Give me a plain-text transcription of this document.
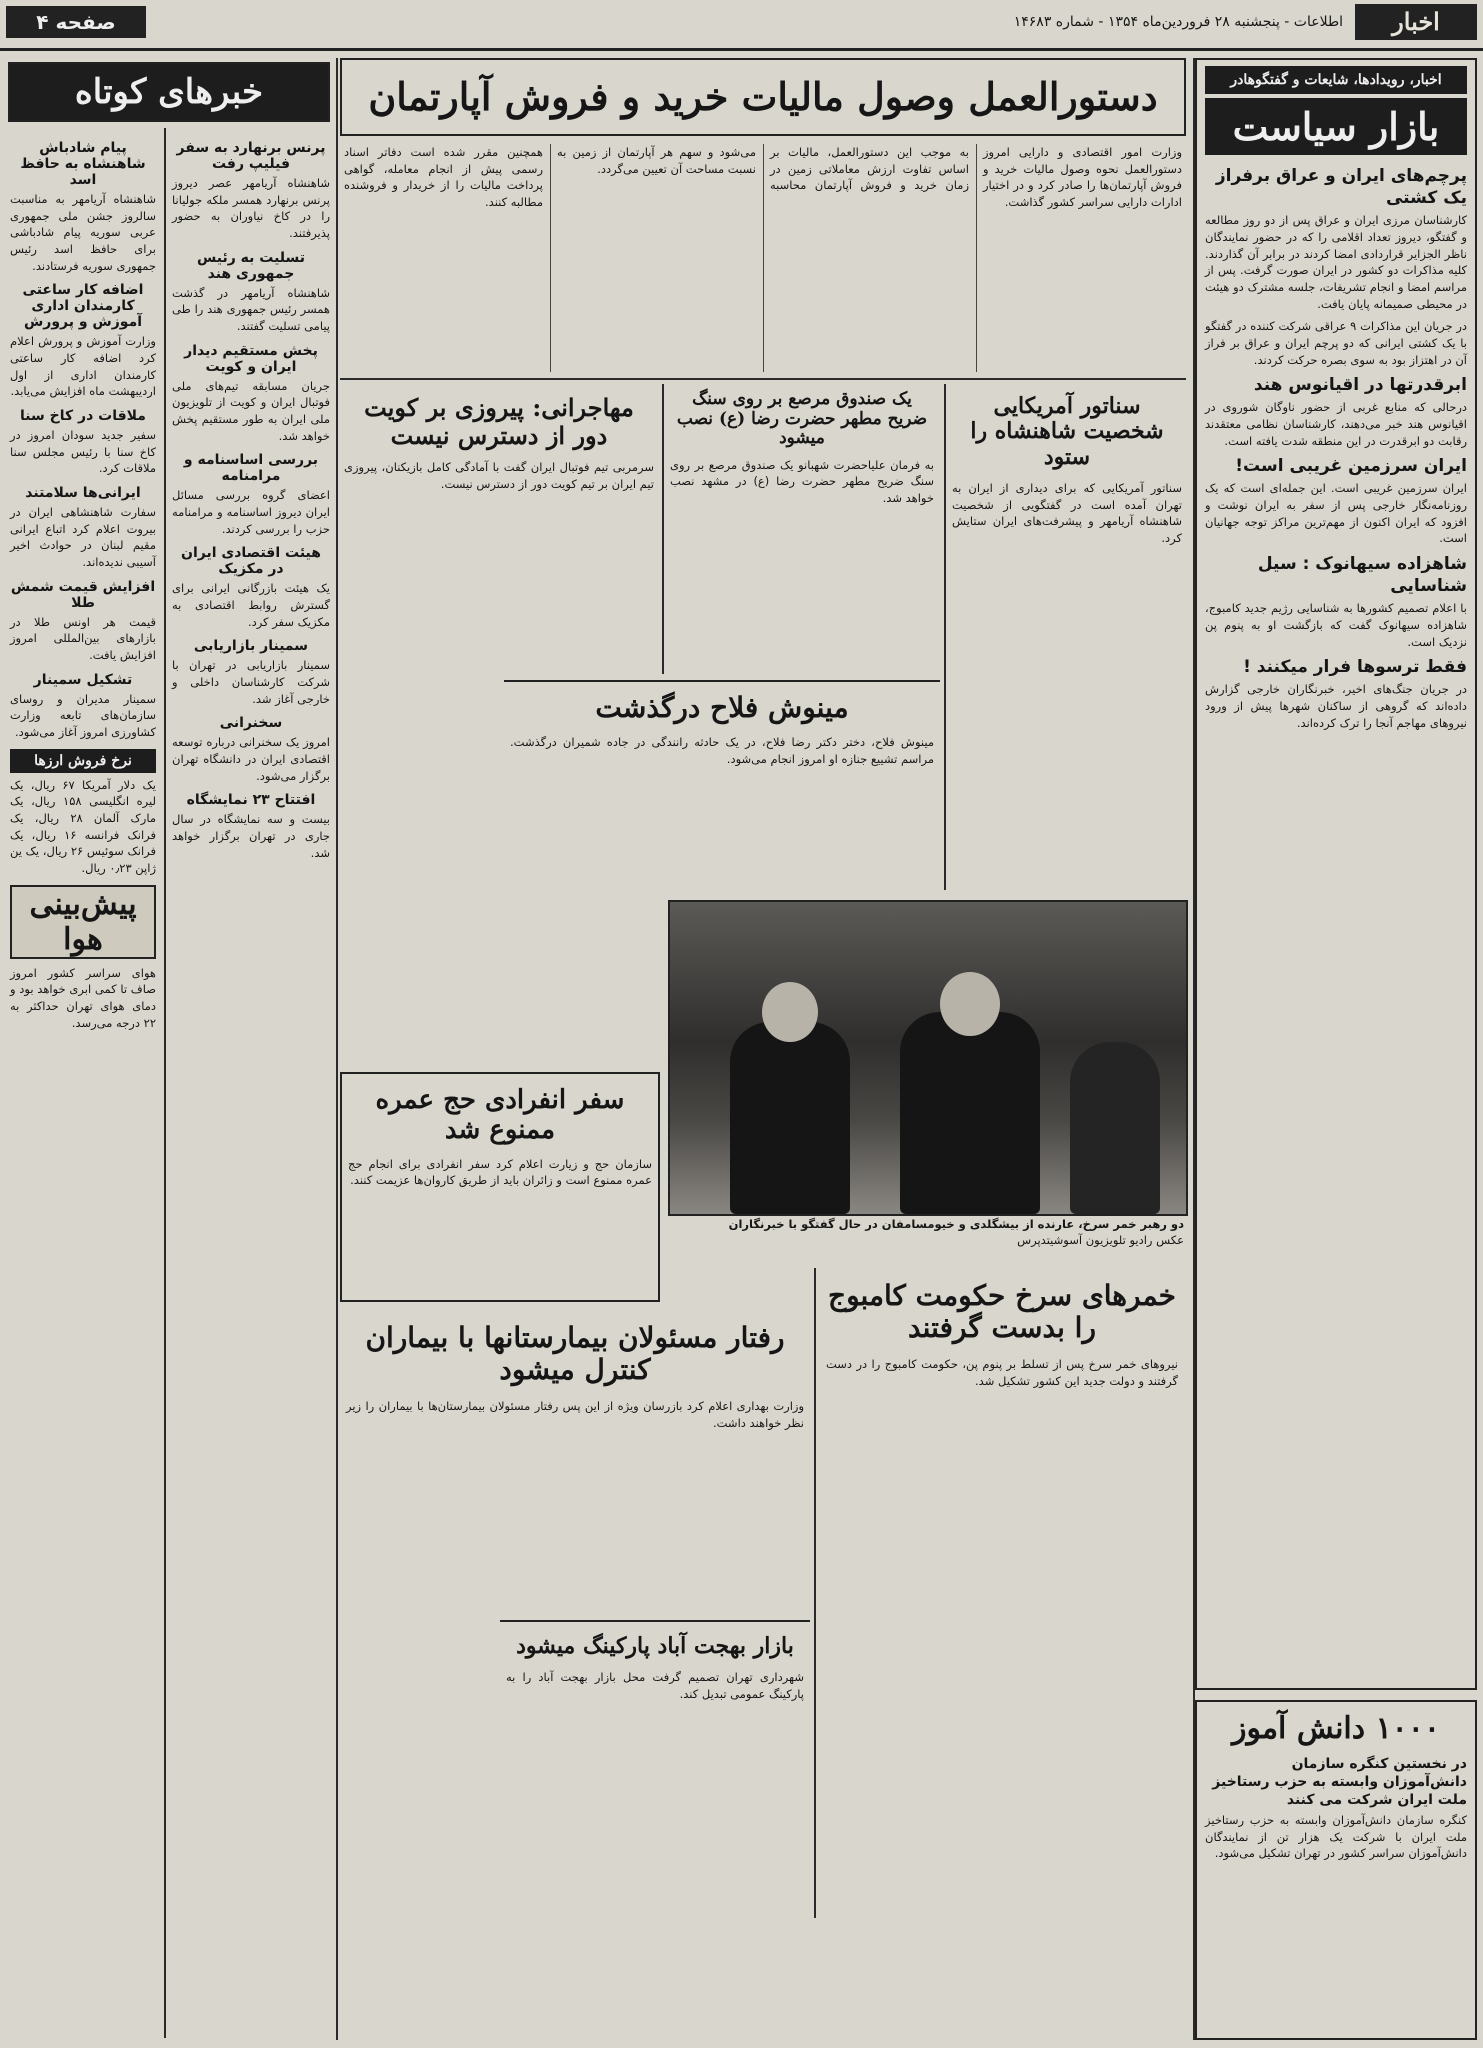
اخبار
اطلاعات - پنجشنبه ۲۸ فروردین‌ماه ۱۳۵۴ - شماره ۱۴۶۸۳
صفحه ۴
اخبار، رویدادها، شایعات و گفتگوهادر
بازار سیاست
پرچم‌های ایران و عراق برفراز یک کشتی

کارشناسان مرزی ایران و عراق پس از دو روز مطالعه و گفتگو، دیروز تعداد اقلامی را که در حضور نمایندگان ناظر الجزایر قراردادی امضا کردند در برابر آن گذاردند. کلیه مذاکرات دو کشور در ایران صورت گرفت. پس از مراسم امضا و انجام تشریفات، جلسه مشترک دو هیئت در محیطی صمیمانه پایان یافت.

در جریان این مذاکرات ۹ عراقی شرکت کننده در گفتگو با یک کشتی ایرانی که دو پرچم ایران و عراق بر فراز آن در اهتزاز بود به سوی بصره حرکت کردند.

ابرقدرتها در اقیانوس هند

درحالی که منابع غربی از حضور ناوگان شوروی در اقیانوس هند خبر می‌دهند، کارشناسان نظامی معتقدند رقابت دو ابرقدرت در این منطقه شدت یافته است.

ایران سرزمین غریبی است!

ایران سرزمین غریبی است. این جمله‌ای است که یک روزنامه‌نگار خارجی پس از سفر به ایران نوشت و افزود که ایران اکنون از مهم‌ترین مراکز توجه جهانیان است.

شاهزاده سیهانوک : سیل شناسایی

با اعلام تصمیم کشورها به شناسایی رژیم جدید کامبوج، شاهزاده سیهانوک گفت که بازگشت او به پنوم پن نزدیک است.

فقط ترسوها فرار میکنند !

در جریان جنگ‌های اخیر، خبرنگاران خارجی گزارش داده‌اند که گروهی از ساکنان شهرها پیش از ورود نیروهای مهاجم آنجا را ترک کرده‌اند.

۱۰۰۰ دانش آموز
در نخستین کنگره سازمان دانش‌آموزان وابسته به حزب رستاخیز ملت ایران شرکت می کنند

کنگره سازمان دانش‌آموزان وابسته به حزب رستاخیز ملت ایران با شرکت یک هزار تن از نمایندگان دانش‌آموزان سراسر کشور در تهران تشکیل می‌شود.

دستورالعمل وصول مالیات خرید و فروش آپارتمان

وزارت امور اقتصادی و دارایی امروز دستورالعمل نحوه وصول مالیات خرید و فروش آپارتمان‌ها را صادر کرد و در اختیار ادارات دارایی سراسر کشور گذاشت.

به موجب این دستورالعمل، مالیات بر اساس تفاوت ارزش معاملاتی زمین در زمان خرید و فروش آپارتمان محاسبه می‌شود و سهم هر آپارتمان از زمین به نسبت مساحت آن تعیین می‌گردد.

همچنین مقرر شده است دفاتر اسناد رسمی پیش از انجام معامله، گواهی پرداخت مالیات را از خریدار و فروشنده مطالبه کنند.

سناتور آمریکایی شخصیت شاهنشاه را ستود

سناتور آمریکایی که برای دیداری از ایران به تهران آمده است در گفتگویی از شخصیت شاهنشاه آریامهر و پیشرفت‌های ایران ستایش کرد.

یک صندوق مرصع بر روی سنگ ضریح مطهر حضرت رضا (ع) نصب میشود

به فرمان علیاحضرت شهبانو یک صندوق مرصع بر روی سنگ ضریح مطهر حضرت رضا (ع) در مشهد نصب خواهد شد.

مهاجرانی: پیروزی بر کویت دور از دسترس نیست

سرمربی تیم فوتبال ایران گفت با آمادگی کامل بازیکنان، پیروزی تیم ایران بر تیم کویت دور از دسترس نیست.

مینوش فلاح درگذشت

مینوش فلاح، دختر دکتر رضا فلاح، در یک حادثه رانندگی در جاده شمیران درگذشت. مراسم تشییع جنازه او امروز انجام می‌شود.

دو رهبر خمر سرخ، عارنده از بیشگلدی و خیومسامفان در حال گفتگو با خبرنگاران
عکس رادیو تلویزیون آسوشیتدپرس
سفر انفرادی حج عمره ممنوع شد

سازمان حج و زیارت اعلام کرد سفر انفرادی برای انجام حج عمره ممنوع است و زائران باید از طریق کاروان‌ها عزیمت کنند.

خمرهای سرخ حکومت کامبوج را بدست گرفتند

نیروهای خمر سرخ پس از تسلط بر پنوم پن، حکومت کامبوج را در دست گرفتند و دولت جدید این کشور تشکیل شد.

رفتار مسئولان بیمارستانها با بیماران کنترل میشود

وزارت بهداری اعلام کرد بازرسان ویژه از این پس رفتار مسئولان بیمارستان‌ها با بیماران را زیر نظر خواهند داشت.

بازار بهجت آباد پارکینگ میشود

شهرداری تهران تصمیم گرفت محل بازار بهجت آباد را به پارکینگ عمومی تبدیل کند.

پرنس برنهارد به سفر فیلیپ رفت

شاهنشاه آریامهر عصر دیروز پرنس برنهارد همسر ملکه جولیانا را در کاخ نیاوران به حضور پذیرفتند.

تسلیت به رئیس جمهوری هند

شاهنشاه آریامهر در گذشت همسر رئیس جمهوری هند را طی پیامی تسلیت گفتند.

پخش مستقیم دیدار ایران و کویت

جریان مسابقه تیم‌های ملی فوتبال ایران و کویت از تلویزیون ملی ایران به طور مستقیم پخش خواهد شد.

بررسی اساسنامه و مرامنامه

اعضای گروه بررسی مسائل ایران دیروز اساسنامه و مرامنامه حزب را بررسی کردند.

هیئت اقتصادی ایران در مکزیک

یک هیئت بازرگانی ایرانی برای گسترش روابط اقتصادی به مکزیک سفر کرد.

سمینار بازاریابی

سمینار بازاریابی در تهران با شرکت کارشناسان داخلی و خارجی آغاز شد.

سخنرانی

امروز یک سخنرانی درباره توسعه اقتصادی ایران در دانشگاه تهران برگزار می‌شود.

افتتاح ۲۳ نمایشگاه

بیست و سه نمایشگاه در سال جاری در تهران برگزار خواهد شد.

خبرهای کوتاه
پیام شادباش شاهنشاه به حافظ اسد

شاهنشاه آریامهر به مناسبت سالروز جشن ملی جمهوری عربی سوریه پیام شادباشی برای حافظ اسد رئیس جمهوری سوریه فرستادند.

اضافه کار ساعتی کارمندان اداری آموزش و پرورش

وزارت آموزش و پرورش اعلام کرد اضافه کار ساعتی کارمندان اداری از اول اردیبهشت ماه افزایش می‌یابد.

ملاقات در کاخ سنا

سفیر جدید سودان امروز در کاخ سنا با رئیس مجلس سنا ملاقات کرد.

ایرانی‌ها سلامتند

سفارت شاهنشاهی ایران در بیروت اعلام کرد اتباع ایرانی مقیم لبنان در حوادث اخیر آسیبی ندیده‌اند.

افزایش قیمت شمش طلا

قیمت هر اونس طلا در بازارهای بین‌المللی امروز افزایش یافت.

تشکیل سمینار

سمینار مدیران و روسای سازمان‌های تابعه وزارت کشاورزی امروز آغاز می‌شود.

نرخ فروش ارزها

یک دلار آمریکا ۶۷ ریال، یک لیره انگلیسی ۱۵۸ ریال، یک مارک آلمان ۲۸ ریال، یک فرانک فرانسه ۱۶ ریال، یک فرانک سوئیس ۲۶ ریال، یک ین ژاپن ۰٫۲۳ ریال.

پیش‌بینی هوا

هوای سراسر کشور امروز صاف تا کمی ابری خواهد بود و دمای هوای تهران حداکثر به ۲۲ درجه می‌رسد.
